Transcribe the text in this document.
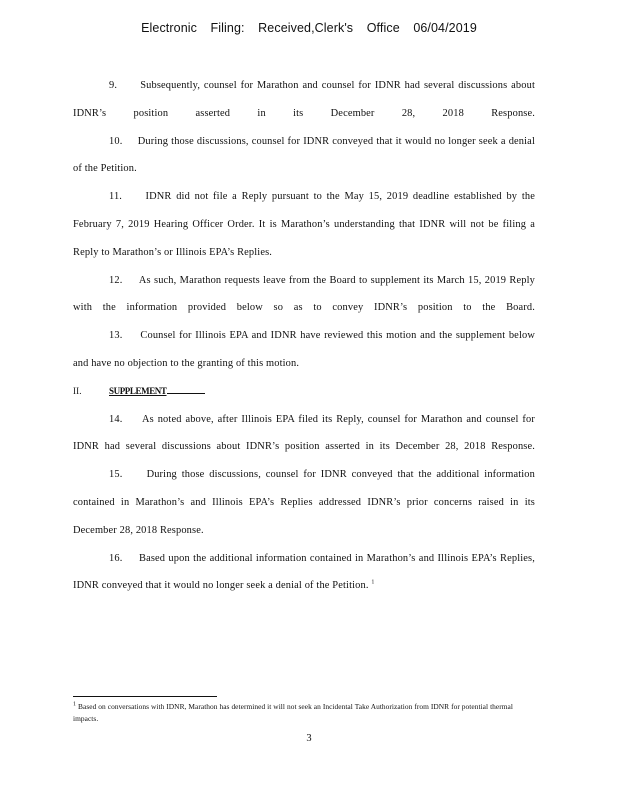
Electronic Filing: Received,Clerk's Office 06/04/2019

9. Subsequently, counsel for Marathon and counsel for IDNR had several discussions about IDNR’s position asserted in its December 28, 2018 Response.

10. During those discussions, counsel for IDNR conveyed that it would no longer seek a denial of the Petition.

11. IDNR did not file a Reply pursuant to the May 15, 2019 deadline established by the February 7, 2019 Hearing Officer Order. It is Marathon’s understanding that IDNR will not be filing a Reply to Marathon’s or Illinois EPA’s Replies.

12. As such, Marathon requests leave from the Board to supplement its March 15, 2019 Reply with the information provided below so as to convey IDNR’s position to the Board.

13. Counsel for Illinois EPA and IDNR have reviewed this motion and the supplement below and have no objection to the granting of this motion.

II.	SUPPLEMENT

14. As noted above, after Illinois EPA filed its Reply, counsel for Marathon and counsel for IDNR had several discussions about IDNR’s position asserted in its December 28, 2018 Response.

15. During those discussions, counsel for IDNR conveyed that the additional information contained in Marathon’s and Illinois EPA’s Replies addressed IDNR’s prior concerns raised in its December 28, 2018 Response.

16. Based upon the additional information contained in Marathon’s and Illinois EPA’s Replies, IDNR conveyed that it would no longer seek a denial of the Petition. $^1$

$^1$ Based on conversations with IDNR, Marathon has determined it will not seek an Incidental Take Authorization from IDNR for potential thermal impacts.
3
